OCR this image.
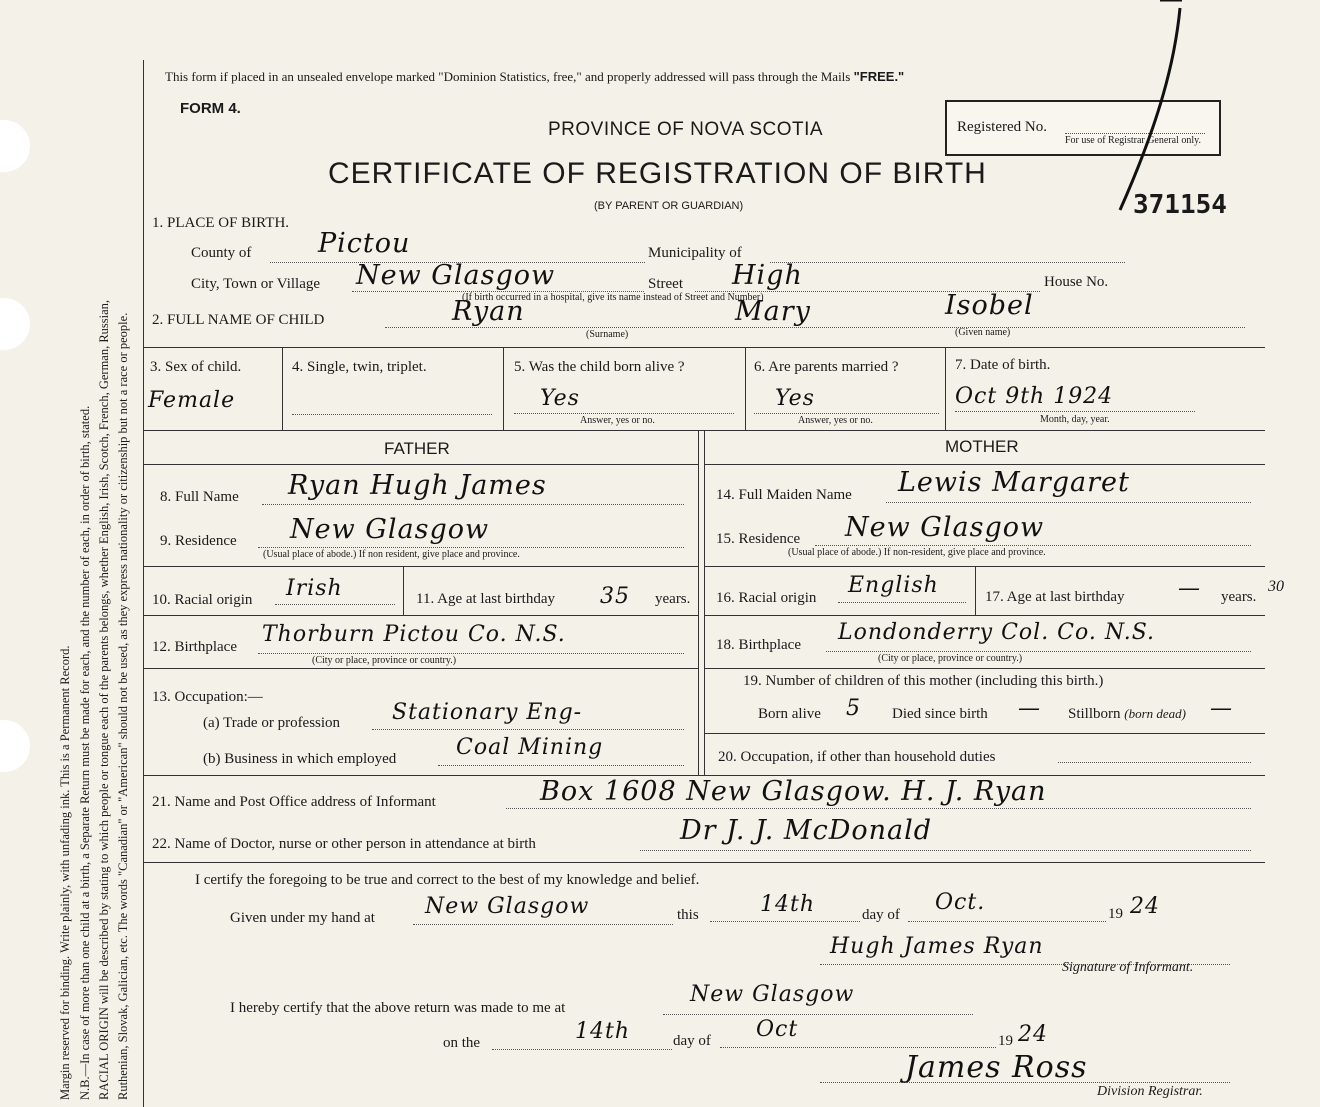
Margin reserved for binding. Write plainly, with unfading ink. This is a Permanent Record. N.B.—In case of more than one child at a birth, a Separate Return must be made for each, and the number of each, in order of birth, stated. RACIAL ORIGIN will be described by stating to which people or tongue each of the parents belongs, whether English, Irish, Scotch, French, German, Russian, Ruthenian, Slovak, Galician, etc. The words "Canadian" or "American" should not be used, as they express nationality or citizenship but not a race or people.
This form if placed in an unsealed envelope marked "Dominion Statistics, free," and properly addressed will pass through the Mails "FREE."
FORM 4.
PROVINCE OF NOVA SCOTIA
CERTIFICATE OF REGISTRATION OF BIRTH
(BY PARENT OR GUARDIAN)
Registered No.
For use of Registrar General only.
371154
1. PLACE OF BIRTH.
County of Pictou	Municipality of
City, Town or Village New Glasgow	Street High	House No.
(If birth occurred in a hospital, give its name instead of Street and Number)
2. FULL NAME OF CHILD	Ryan
(Surname)
Mary	Isobel
(Given name)
3. Sex of child.
Female
4. Single, twin, triplet.	5. Was the child born alive ?
Yes
Answer, yes or no.
6. Are parents married ?
Yes
Answer, yes or no.
7. Date of birth.
Oct 9th 1924
Month, day, year.
FATHER	MOTHER
8. Full Name Ryan Hugh James
9. Residence New Glasgow
(Usual place of abode.) If non resident, give place and province.
10. Racial origin Irish	11. Age at last birthday 35 years.
12. Birthplace Thorburn Pictou Co. N.S.
(City or place, province or country.)
13. Occupation:—
(a) Trade or profession Stationary Eng-
(b) Business in which employed	Coal Mining
14. Full Maiden Name Lewis Margaret
15. Residence New Glasgow
(Usual place of abode.) If non-resident, give place and province.
16. Racial origin English	17. Age at last birthday — years.
30
18. Birthplace Londonderry Col. Co. N.S.
(City or place, province or country.)
19. Number of children of this mother (including this birth.)
Born alive 5 Died since birth — Stillborn (born dead) —
20. Occupation, if other than household duties
21. Name and Post Office address of Informant	Box 1608 New Glasgow. H. J. Ryan
22. Name of Doctor, nurse or other person in attendance at birth	Dr J. J. McDonald
I certify the foregoing to be true and correct to the best of my knowledge and belief.
Given under my hand at New Glasgow	this	14th	day of Oct.	19 24
Hugh James Ryan
Signature of Informant.
I hereby certify that the above return was made to me at
New Glasgow
on the	14th	day of Oct	19 24
James Ross
Division Registrar.
